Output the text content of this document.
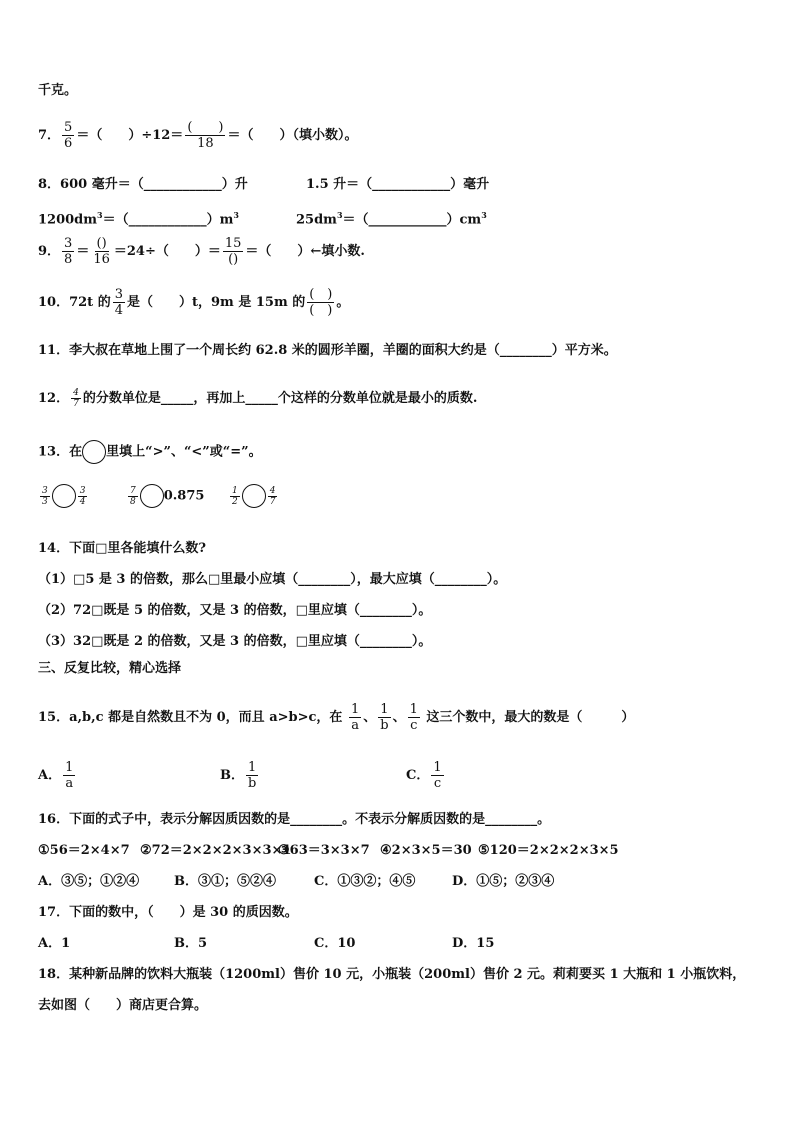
千克。
7． $\frac{5}{6}$ ＝（　　）$\div 12= \frac{( )}{18}$ ＝（　　）（填小数）。
8．600 毫升＝（____________）升	1.5 升＝（____________）毫升
$1200dm^3=(\_\_\_\_\_\_\_\_\_\_\_\_)m^3$	$25dm^3=(\_\_\_\_\_\_\_\_\_\_\_\_)cm^3$
9． $\frac{3}{8} = \frac{()}{16} =24\div$（　　）＝ $\frac{15}{()}$ ＝（　　）←填小数.
10．72t 的 $\frac{3}{4}$ 是（　　）t，9m 是 15m 的 $\frac{( )}{( )}$ 。
11．李大叔在草地上围了一个周长约 62.8 米的圆形羊圈，羊圈的面积大约是（________）平方米。
12． $\frac{4}{7}$ 的分数单位是_____，再加上_____个这样的分数单位就是最小的质数.
13．在 里填上“>”、“<”或“=”。
$\frac{3}{3}$	$\frac{3}{4}$	$\frac{7}{8} 0.875$	$\frac{1}{2}$	$\frac{4}{7}$
14．下面□里各能填什么数?
（1）□5 是 3 的倍数，那么□里最小应填（________），最大应填（________）。
（2）72□既是 5 的倍数，又是 3 的倍数，□里应填（________）。
（3）32□既是 2 的倍数，又是 3 的倍数，□里应填（________）。
三、反复比较，精心选择
15．a,b,c 都是自然数且不为 0，而且 a>b>c，在 $\frac{1}{a}$ 、 $\frac{1}{b}$ 、 $\frac{1}{c}$ 这三个数中，最大的数是（　　　）
A． $\frac{1}{a}$	B． $\frac{1}{b}$	C． $\frac{1}{c}$
16．下面的式子中，表示分解因质因数的是________。不表示分解质因数的是________。
①56＝2×4×7 ②72＝2×2×2×3×3×1
③63＝3×3×7 ④2×3×5＝30 ⑤120＝2×2×2×3×5
A．③⑤；①②④	B．③①；⑤②④	C．①③②；④⑤	D．①⑤；②③④
17．下面的数中，（　　）是 30 的质因数。
A．1	B．5	C．10	D．15
18．某种新品牌的饮料大瓶装（1200ml）售价 10 元，小瓶装（200ml）售价 2 元。莉莉要买 1 大瓶和 1 小瓶饮料，
去如图（　　）商店更合算。
